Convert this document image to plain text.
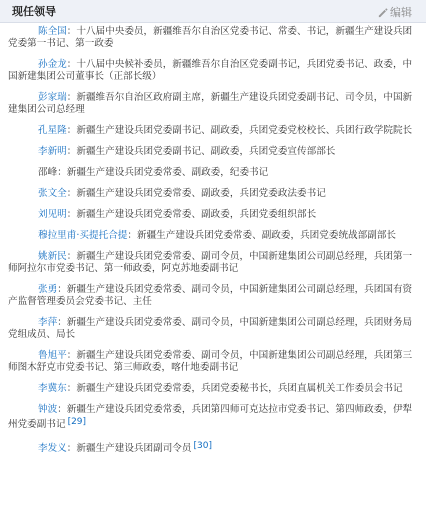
现任领导	编辑
陈全国：十八届中央委员，新疆维吾尔自治区党委书记、常委、书记，新疆生产建设兵团党委第一书记、第一政委
孙金龙：十八届中央候补委员，新疆维吾尔自治区党委副书记，兵团党委书记、政委，中国新建集团公司董事长（正部长级）
彭家瑞：新疆维吾尔自治区政府副主席，新疆生产建设兵团党委副书记、司令员，中国新建集团公司总经理
孔星隆：新疆生产建设兵团党委副书记、副政委，兵团党委党校校长、兵团行政学院院长
李新明：新疆生产建设兵团党委副书记、副政委，兵团党委宣传部部长
邵峰：新疆生产建设兵团党委常委、副政委，纪委书记
张文全：新疆生产建设兵团党委常委、副政委，兵团党委政法委书记
刘见明：新疆生产建设兵团党委常委、副政委，兵团党委组织部长
穆拉里甫·买提托合提：新疆生产建设兵团党委常委、副政委，兵团党委统战部副部长
姚新民：新疆生产建设兵团党委常委、副司令员，中国新建集团公司副总经理，兵团第一师阿拉尔市党委书记、第一师政委，阿克苏地委副书记
张勇：新疆生产建设兵团党委常委、副司令员，中国新建集团公司副总经理，兵团国有资产监督管理委员会党委书记、主任
李萍：新疆生产建设兵团党委常委、副司令员，中国新建集团公司副总经理，兵团财务局党组成员、局长
鲁旭平：新疆生产建设兵团党委常委、副司令员，中国新建集团公司副总经理，兵团第三师图木舒克市党委书记、第三师政委，喀什地委副书记
李冀东：新疆生产建设兵团党委常委，兵团党委秘书长，兵团直属机关工作委员会书记
钟波：新疆生产建设兵团党委常委，兵团第四师可克达拉市党委书记、第四师政委，伊犁州党委副书记 [29]
李发义：新疆生产建设兵团副司令员 [30]
